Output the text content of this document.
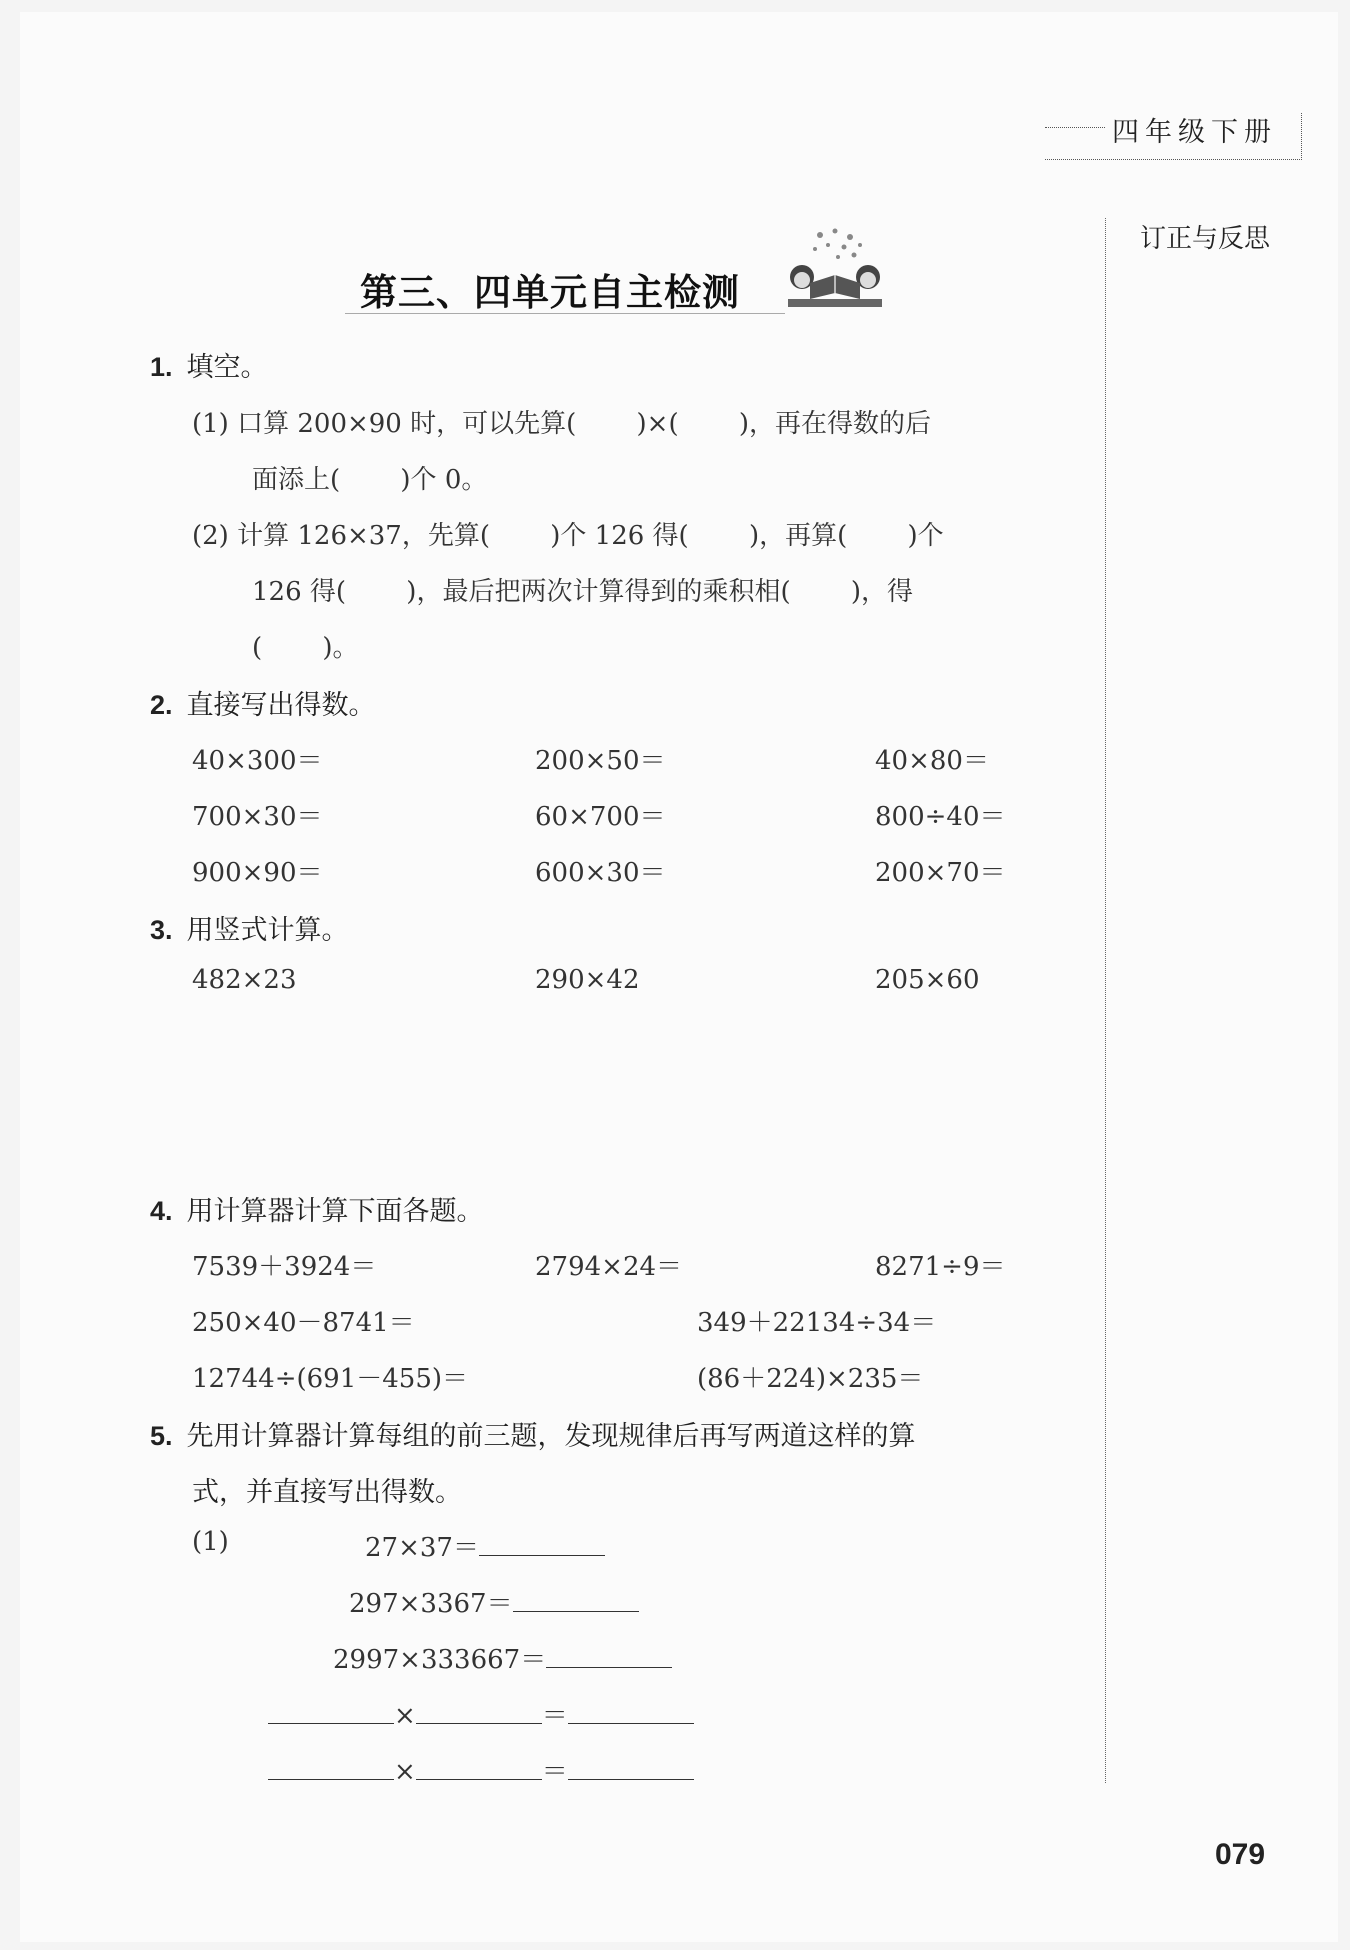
四年级下册
订正与反思
第三、四单元自主检测
1. 填空。
(1) 口算 200×90 时，可以先算(　　 )×(　　 )，再在得数的后
面添上(　　 )个 0。
(2) 计算 126×37，先算(　　 )个 126 得(　　 )，再算(　　 )个
126 得(　　 )，最后把两次计算得到的乘积相(　　 )，得
(　　 )。
2. 直接写出得数。
40×300＝	200×50＝	40×80＝
700×30＝	60×700＝	800÷40＝
900×90＝	600×30＝	200×70＝
3. 用竖式计算。
482×23	290×42	205×60
4. 用计算器计算下面各题。
7539＋3924＝	2794×24＝	8271÷9＝
250×40－8741＝	349＋22134÷34＝
12744÷(691－455)＝	(86＋224)×235＝
5. 先用计算器计算每组的前三题，发现规律后再写两道这样的算
式，并直接写出得数。
(1)	27×37＝
297×3367＝
2997×333667＝
×	＝
×	＝
079
